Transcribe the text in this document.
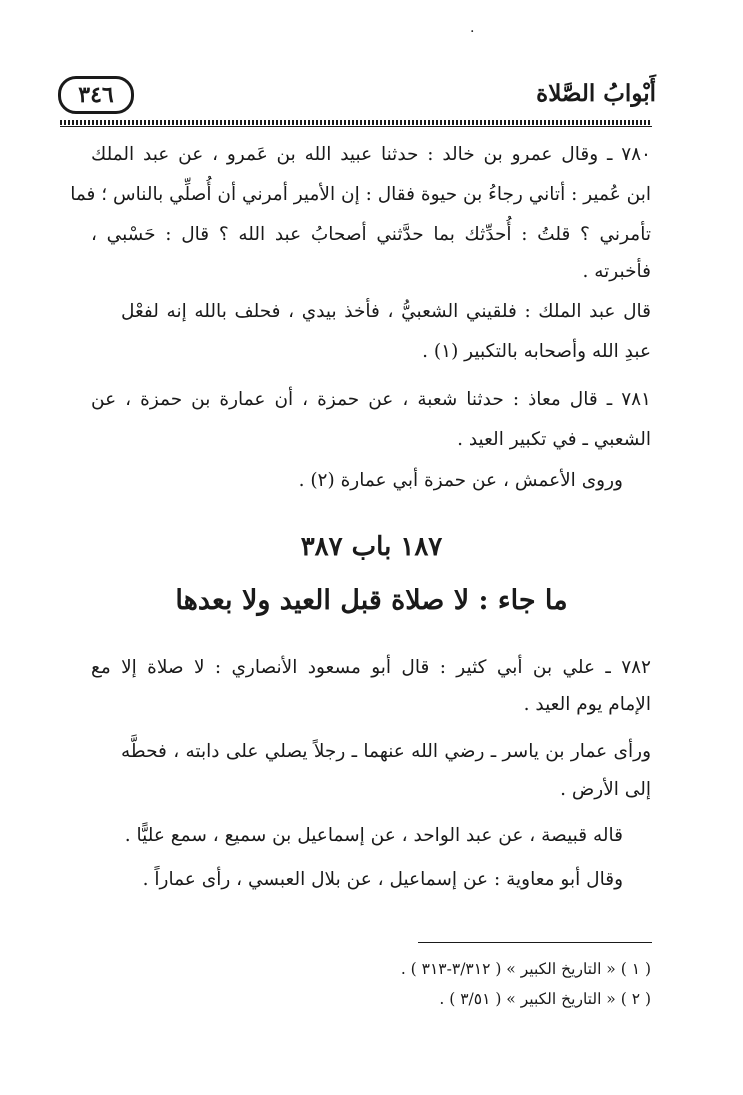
.
أَبْوابُ الصَّلاة
٣٤٦
٧٨٠ ـ وقال عمرو بن خالد : حدثنا عبيد الله بن عَمرو ، عن عبد الملك
ابن عُمير : أتاني رجاءُ بن حيوة فقال : إن الأمير أمرني أن أُصلِّي بالناس ؛ فما
تأمرني ؟ قلتُ : أُحدِّثك بما حدَّثني أصحابُ عبد الله ؟ قال : حَسْبي ،
فأخبرته .
قال عبد الملك : فلقيني الشعبيُّ ، فأخذ بيدي ، فحلف بالله إنه لفعْل
عبدِ الله وأصحابه بالتكبير (١) .
٧٨١ ـ قال معاذ : حدثنا شعبة ، عن حمزة ، أن عمارة بن حمزة ، عن
الشعبي ـ في تكبير العيد .
وروى الأعمش ، عن حمزة أبي عمارة (٢) .
١٨٧ باب ٣٨٧
ما جاء : لا صلاة قبل العيد ولا بعدها
٧٨٢ ـ علي بن أبي كثير : قال أبو مسعود الأنصاري : لا صلاة إلا مع
الإمام يوم العيد .
ورأى عمار بن ياسر ـ رضي الله عنهما ـ رجلاً يصلي على دابته ، فحطَّه
إلى الأرض .
قاله قبيصة ، عن عبد الواحد ، عن إسماعيل بن سميع ، سمع عليًّا .
وقال أبو معاوية : عن إسماعيل ، عن بلال العبسي ، رأى عماراً .
( ١ ) « التاريخ الكبير » ( ٣/٣١٢-٣١٣ ) .
( ٢ ) « التاريخ الكبير » ( ٣/٥١ ) .
